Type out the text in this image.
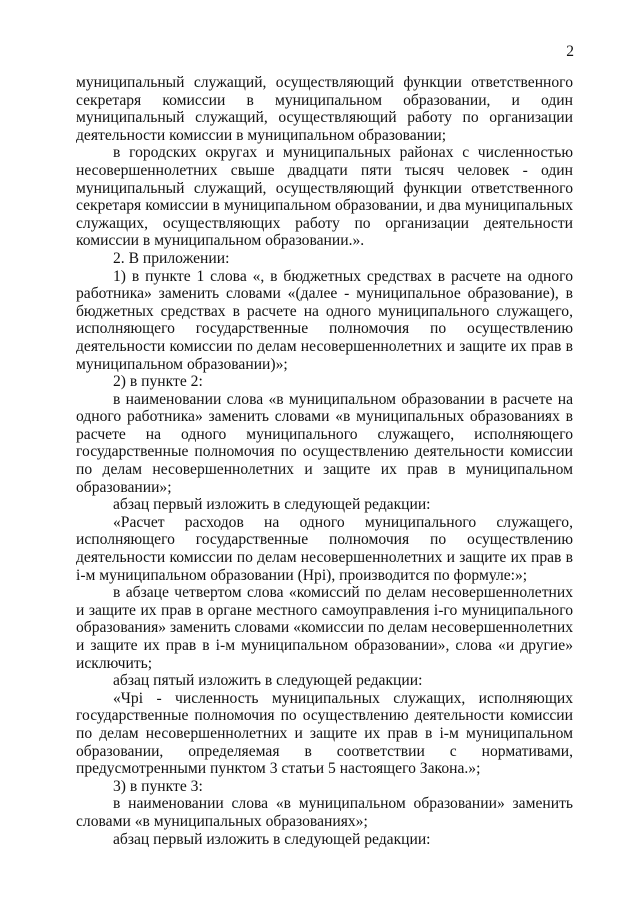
2

муниципальный служащий, осуществляющий функции ответственного секретаря комиссии в муниципальном образовании, и один муниципальный служащий, осуществляющий работу по организации деятельности комиссии в муниципальном образовании;

в городских округах и муниципальных районах с численностью несовершеннолетних свыше двадцати пяти тысяч человек - один муниципальный служащий, осуществляющий функции ответственного секретаря комиссии в муниципальном образовании, и два муниципальных служащих, осуществляющих работу по организации деятельности комиссии в муниципальном образовании.».

2. В приложении:

1) в пункте 1 слова «, в бюджетных средствах в расчете на одного работника» заменить словами «(далее - муниципальное образование), в бюджетных средствах в расчете на одного муниципального служащего, исполняющего государственные полномочия по осуществлению деятельности комиссии по делам несовершеннолетних и защите их прав в муниципальном образовании)»;

2) в пункте 2:

в наименовании слова «в муниципальном образовании в расчете на одного работника» заменить словами «в муниципальных образованиях в расчете на одного муниципального служащего, исполняющего государственные полномочия по осуществлению деятельности комиссии по делам несовершеннолетних и защите их прав в муниципальном образовании»;

абзац первый изложить в следующей редакции:

«Расчет расходов на одного муниципального служащего, исполняющего государственные полномочия по осуществлению деятельности комиссии по делам несовершеннолетних и защите их прав в i-м муниципальном образовании (Нрi), производится по формуле:»;

в абзаце четвертом слова «комиссий по делам несовершеннолетних и защите их прав в органе местного самоуправления i-го муниципального образования» заменить словами «комиссии по делам несовершеннолетних и защите их прав в i-м муниципальном образовании», слова «и другие» исключить;

абзац пятый изложить в следующей редакции:

«Чрi - численность муниципальных служащих, исполняющих государственные полномочия по осуществлению деятельности комиссии по делам несовершеннолетних и защите их прав в i-м муниципальном образовании, определяемая в соответствии с нормативами, предусмотренными пунктом 3 статьи 5 настоящего Закона.»;

3) в пункте 3:

в наименовании слова «в муниципальном образовании» заменить словами «в муниципальных образованиях»;

абзац первый изложить в следующей редакции:
